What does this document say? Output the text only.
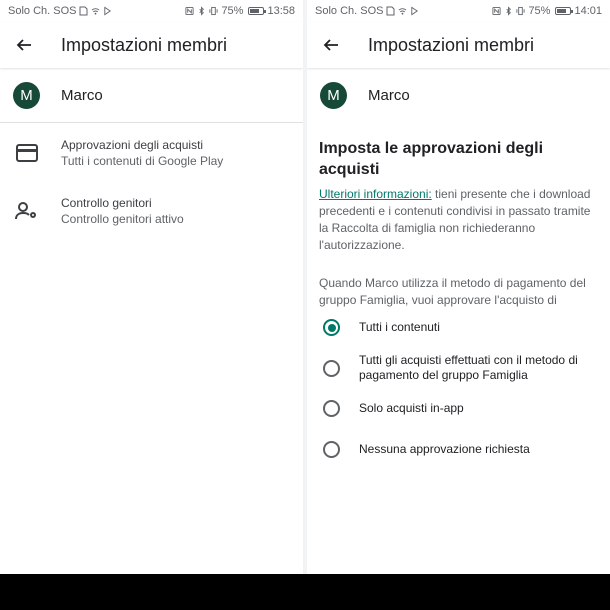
Solo Ch. SOS	75% 13:58
Impostazioni membri
M	Marco
Approvazioni degli acquisti
Tutti i contenuti di Google Play
Controllo genitori
Controllo genitori attivo
Solo Ch. SOS	75% 14:01
Impostazioni membri
M	Marco
Imposta le approvazioni degli acquisti
Ulteriori informazioni: tieni presente che i download precedenti e i contenuti condivisi in passato tramite la Raccolta di famiglia non richiederanno l'autorizzazione.
Quando Marco utilizza il metodo di pagamento del gruppo Famiglia, vuoi approvare l'acquisto di
Tutti i contenuti
Tutti gli acquisti effettuati con il metodo di pagamento del gruppo Famiglia
Solo acquisti in-app
Nessuna approvazione richiesta
